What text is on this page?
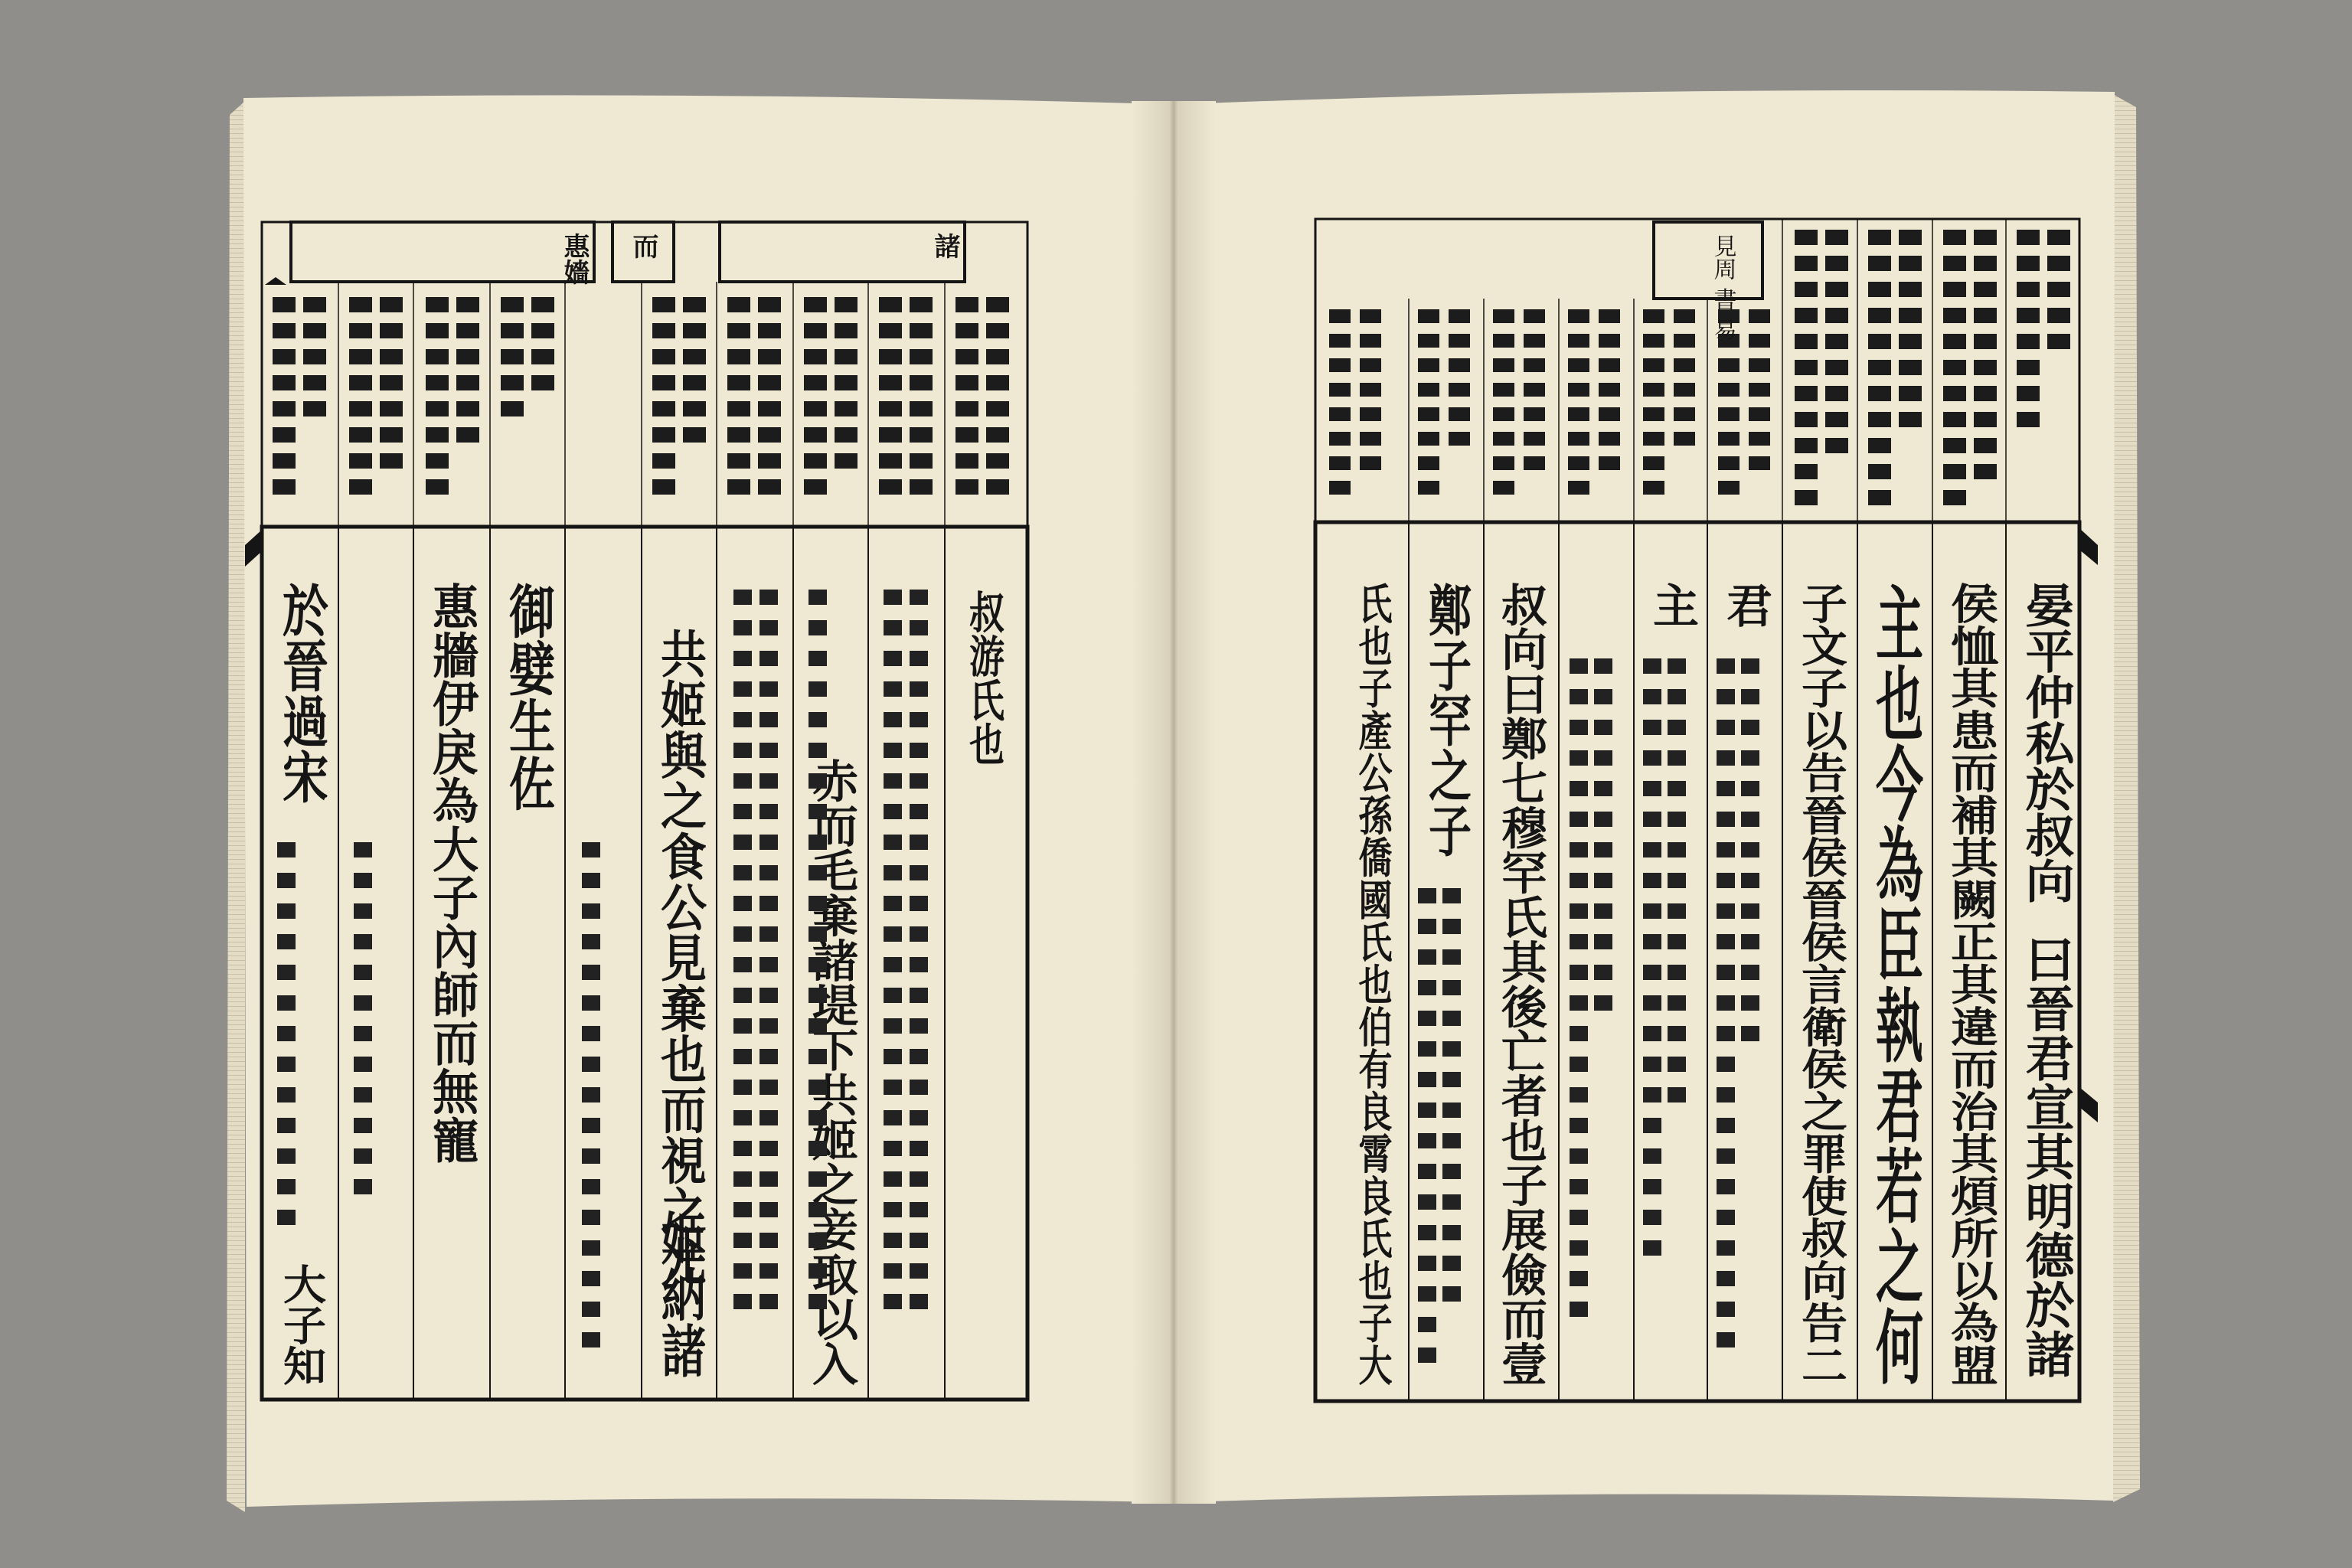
晏平仲私於叔向
曰晉君宣其明德於諸
侯恤其患而補其闕正其違而治其煩所以為盟
主也今為臣執君若之何
子文子以告晉侯晉侯言衛侯之罪使叔向告二
君
主
叔向曰鄭七穆罕氏其後亡者也子展儉而壹
鄭子罕之子
氏也子產公孫僑國氏也伯有良霄良氏也子大
見周 書 易
惠嬙 而	諸
惠 嬙 復 而 諸
叔游氏也
赤而毛棄諸堤下共姬之妾取以入
共姬與之食公見棄也而視之尤
御嬖生佐
惠牆伊戾為大子內師而無寵
於晉過宋
大子知	姬納諸
